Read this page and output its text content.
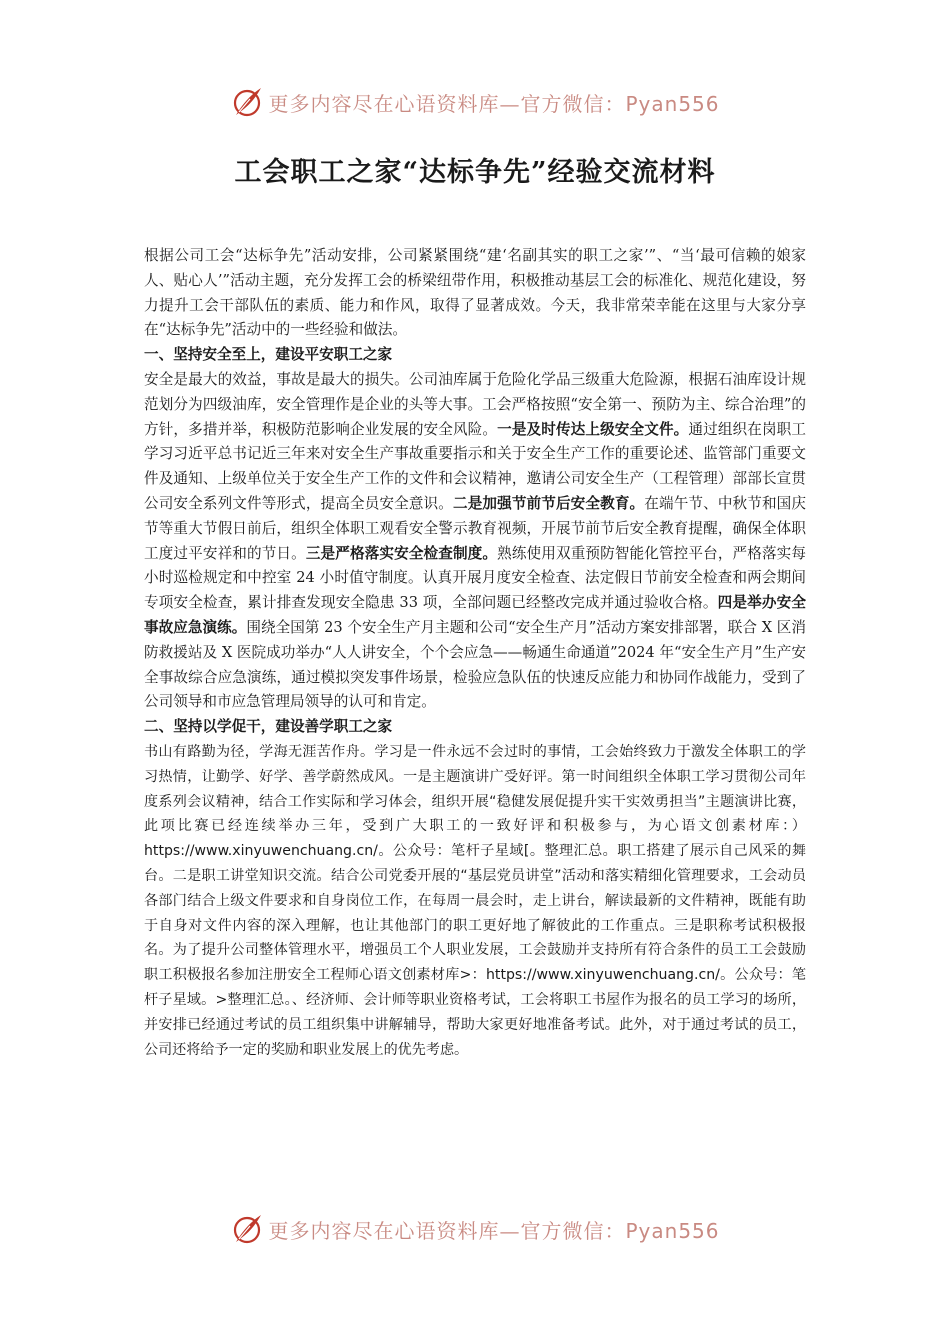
更多内容尽在心语资料库—官方微信：Pyan556
工会职工之家“达标争先”经验交流材料

根据公司工会“达标争先”活动安排，公司紧紧围绕“建‘名副其实的职工之家’”、“当‘最可信赖的娘家人、贴心人’”活动主题，充分发挥工会的桥梁纽带作用，积极推动基层工会的标准化、规范化建设，努力提升工会干部队伍的素质、能力和作风，取得了显著成效。今天，我非常荣幸能在这里与大家分享在“达标争先”活动中的一些经验和做法。

一、坚持安全至上，建设平安职工之家

安全是最大的效益，事故是最大的损失。公司油库属于危险化学品三级重大危险源，根据石油库设计规范划分为四级油库，安全管理作是企业的头等大事。工会严格按照“安全第一、预防为主、综合治理”的方针，多措并举，积极防范影响企业发展的安全风险。一是及时传达上级安全文件。通过组织在岗职工学习习近平总书记近三年来对安全生产事故重要指示和关于安全生产工作的重要论述、监管部门重要文件及通知、上级单位关于安全生产工作的文件和会议精神，邀请公司安全生产（工程管理）部部长宣贯公司安全系列文件等形式，提高全员安全意识。二是加强节前节后安全教育。在端午节、中秋节和国庆节等重大节假日前后，组织全体职工观看安全警示教育视频，开展节前节后安全教育提醒，确保全体职工度过平安祥和的节日。三是严格落实安全检查制度。熟练使用双重预防智能化管控平台，严格落实每小时巡检规定和中控室 24 小时值守制度。认真开展月度安全检查、法定假日节前安全检查和两会期间专项安全检查，累计排查发现安全隐患 33 项，全部问题已经整改完成并通过验收合格。四是举办安全事故应急演练。围绕全国第 23 个安全生产月主题和公司“安全生产月”活动方案安排部署，联合 X 区消防救援站及 X 医院成功举办“人人讲安全，个个会应急——畅通生命通道”2024 年“安全生产月”生产安全事故综合应急演练，通过模拟突发事件场景，检验应急队伍的快速反应能力和协同作战能力，受到了公司领导和市应急管理局领导的认可和肯定。

二、坚持以学促干，建设善学职工之家

书山有路勤为径，学海无涯苦作舟。学习是一件永远不会过时的事情，工会始终致力于激发全体职工的学习热情，让勤学、好学、善学蔚然成风。一是主题演讲广受好评。第一时间组织全体职工学习贯彻公司年度系列会议精神，结合工作实际和学习体会，组织开展“稳健发展促提升实干实效勇担当”主题演讲比赛，此项比赛已经连续举办三年，受到广大职工的一致好评和积极参与，为心语文创素材库：）https://www.xinyuwenchuang.cn/。公众号：笔杆子星域[。整理汇总。职工搭建了展示自己风采的舞台。二是职工讲堂知识交流。结合公司党委开展的“基层党员讲堂”活动和落实精细化管理要求，工会动员各部门结合上级文件要求和自身岗位工作，在每周一晨会时，走上讲台，解读最新的文件精神，既能有助于自身对文件内容的深入理解，也让其他部门的职工更好地了解彼此的工作重点。三是职称考试积极报名。为了提升公司整体管理水平，增强员工个人职业发展，工会鼓励并支持所有符合条件的员工工会鼓励职工积极报名参加注册安全工程师心语文创素材库>：https://www.xinyuwenchuang.cn/。公众号：笔杆子星域。>整理汇总。、经济师、会计师等职业资格考试，工会将职工书屋作为报名的员工学习的场所，并安排已经通过考试的员工组织集中讲解辅导，帮助大家更好地准备考试。此外，对于通过考试的员工，公司还将给予一定的奖励和职业发展上的优先考虑。

更多内容尽在心语资料库—官方微信：Pyan556
